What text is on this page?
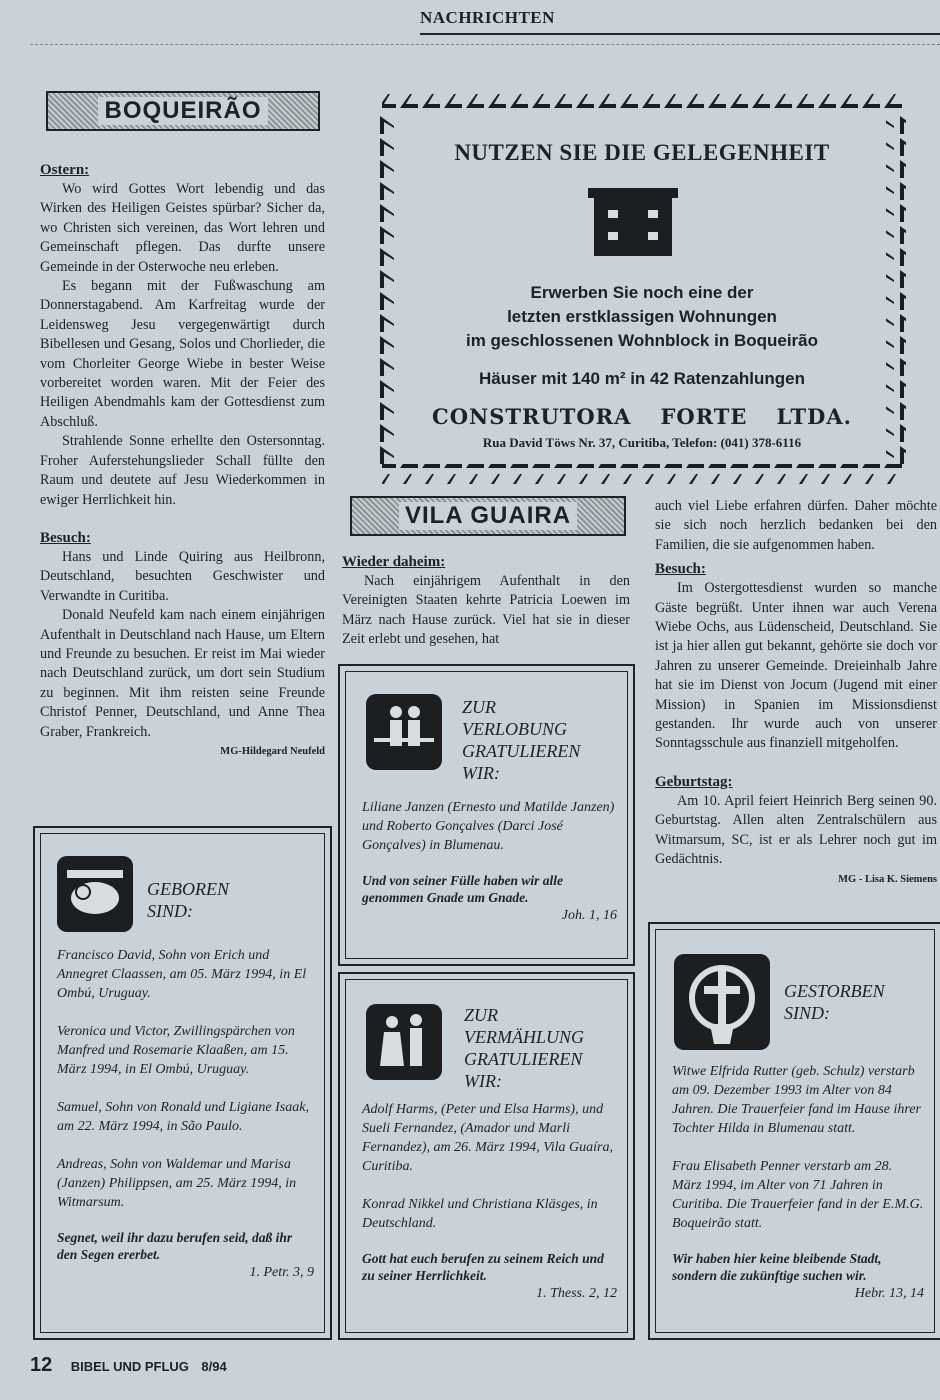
NACHRICHTEN
BOQUEIRÃO
Ostern:

Wo wird Gottes Wort lebendig und das Wirken des Heiligen Geistes spürbar? Sicher da, wo Christen sich vereinen, das Wort lehren und Gemeinschaft pflegen. Das durfte unsere Gemeinde in der Osterwoche neu erleben.

Es begann mit der Fußwaschung am Donnerstagabend. Am Karfreitag wurde der Leidensweg Jesu vergegenwärtigt durch Bibellesen und Gesang, Solos und Chorlieder, die vom Chorleiter George Wiebe in bester Weise vorbereitet worden waren. Mit der Feier des Heiligen Abendmahls kam der Gottesdienst zum Abschluß.

Strahlende Sonne erhellte den Ostersonntag. Froher Auferstehungslieder Schall füllte den Raum und deutete auf Jesu Wiederkommen in ewiger Herrlichkeit hin.

Besuch:

Hans und Linde Quiring aus Heilbronn, Deutschland, besuchten Geschwister und Verwandte in Curitiba.

Donald Neufeld kam nach einem einjährigen Aufenthalt in Deutschland nach Hause, um Eltern und Freunde zu besuchen. Er reist im Mai wieder nach Deutschland zurück, um dort sein Studium zu beginnen. Mit ihm reisten seine Freunde Christof Penner, Deutschland, und Anne Thea Graber, Frankreich.

MG-Hildegard Neufeld
GEBOREN
SIND:
Francisco David, Sohn von Erich und Annegret Claassen, am 05. März 1994, in El Ombú, Uruguay.
Veronica und Victor, Zwillingspärchen von Manfred und Rosemarie Klaaßen, am 15. März 1994, in El Ombú, Uruguay.
Samuel, Sohn von Ronald und Ligiane Isaak, am 22. März 1994, in São Paulo.
Andreas, Sohn von Waldemar und Marisa (Janzen) Philippsen, am 25. März 1994, in Witmarsum.
Segnet, weil ihr dazu berufen seid, daß ihr den Segen ererbet.
1. Petr. 3, 9
NUTZEN SIE DIE GELEGENHEIT
Erwerben Sie noch eine der
letzten erstklassigen Wohnungen
im geschlossenen Wohnblock in Boqueirão
Häuser mit 140 m² in 42 Ratenzahlungen
CONSTRUTORA FORTE LTDA.
Rua David Töws Nr. 37, Curitiba, Telefon: (041) 378-6116
VILA GUAIRA
Wieder daheim:

Nach einjährigem Aufenthalt in den Vereinigten Staaten kehrte Patricia Loewen im März nach Hause zurück. Viel hat sie in dieser Zeit erlebt und gesehen, hat

ZUR
VERLOBUNG
GRATULIEREN
WIR:
Liliane Janzen (Ernesto und Matilde Janzen) und Roberto Gonçalves (Darci José Gonçalves) in Blumenau.
Und von seiner Fülle haben wir alle genommen Gnade um Gnade.
Joh. 1, 16
ZUR
VERMÄHLUNG
GRATULIEREN
WIR:
Adolf Harms, (Peter und Elsa Harms), und Sueli Fernandez, (Amador und Marli Fernandez), am 26. März 1994, Vila Guaíra, Curitiba.
Konrad Nikkel und Christiana Kläsges, in Deutschland.
Gott hat euch berufen zu seinem Reich und zu seiner Herrlichkeit.
1. Thess. 2, 12

auch viel Liebe erfahren dürfen. Daher möchte sie sich noch herzlich bedanken bei den Familien, die sie aufgenommen haben.

Besuch:

Im Ostergottesdienst wurden so manche Gäste begrüßt. Unter ihnen war auch Verena Wiebe Ochs, aus Lüdenscheid, Deutschland. Sie ist ja hier allen gut bekannt, gehörte sie doch vor Jahren zu unserer Gemeinde. Dreieinhalb Jahre hat sie im Dienst von Jocum (Jugend mit einer Mission) in Spanien im Missionsdienst gestanden. Ihr wurde auch von unserer Sonntagsschule aus finanziell mitgeholfen.

Geburtstag:

Am 10. April feiert Heinrich Berg seinen 90. Geburtstag. Allen alten Zentralschülern aus Witmarsum, SC, ist er als Lehrer noch gut im Gedächtnis.

MG - Lisa K. Siemens
GESTORBEN
SIND:
Witwe Elfrida Rutter (geb. Schulz) verstarb am 09. Dezember 1993 im Alter von 84 Jahren. Die Trauerfeier fand im Hause ihrer Tochter Hilda in Blumenau statt.
Frau Elisabeth Penner verstarb am 28. März 1994, im Alter von 71 Jahren in Curitiba. Die Trauerfeier fand in der E.M.G. Boqueirão statt.
Wir haben hier keine bleibende Stadt, sondern die zukünftige suchen wir.
Hebr. 13, 14
12 BIBEL UND PFLUG 8/94
